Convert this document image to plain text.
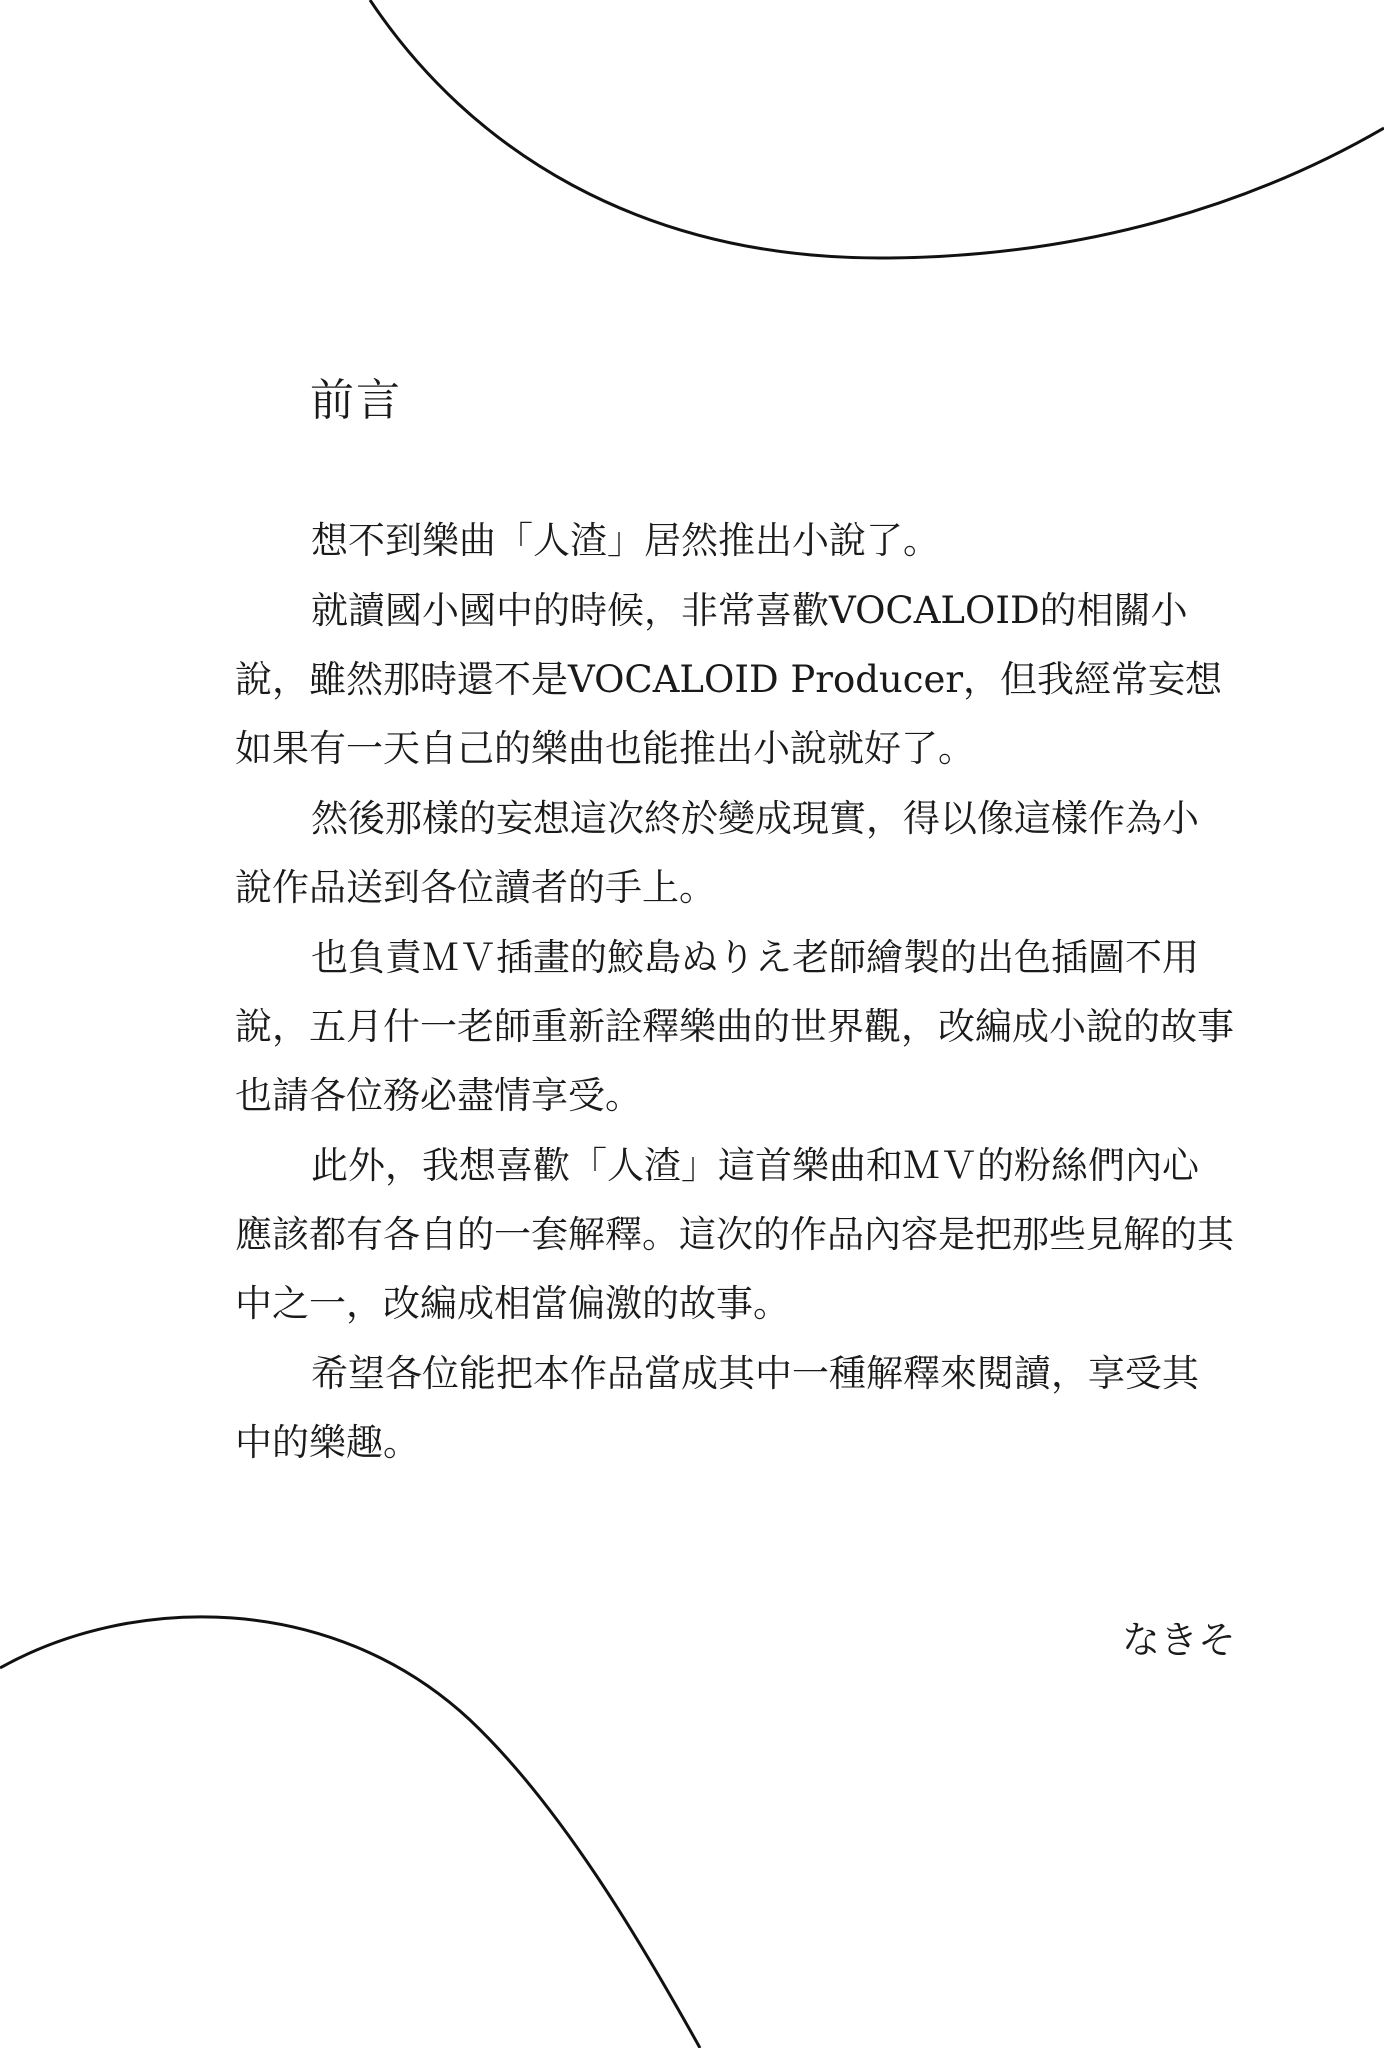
前言

想不到樂曲「人渣」居然推出小說了。

就讀國小國中的時候，非常喜歡VOCALOID的相關小說，雖然那時還不是VOCALOID Producer，但我經常妄想如果有一天自己的樂曲也能推出小說就好了。

然後那樣的妄想這次終於變成現實，得以像這樣作為小說作品送到各位讀者的手上。

也負責ＭＶ插畫的鮫島ぬりえ老師繪製的出色插圖不用說，五月什一老師重新詮釋樂曲的世界觀，改編成小說的故事也請各位務必盡情享受。

此外，我想喜歡「人渣」這首樂曲和ＭＶ的粉絲們內心應該都有各自的一套解釋。這次的作品內容是把那些見解的其中之一，改編成相當偏激的故事。

希望各位能把本作品當成其中一種解釋來閱讀，享受其中的樂趣。

なきそ
